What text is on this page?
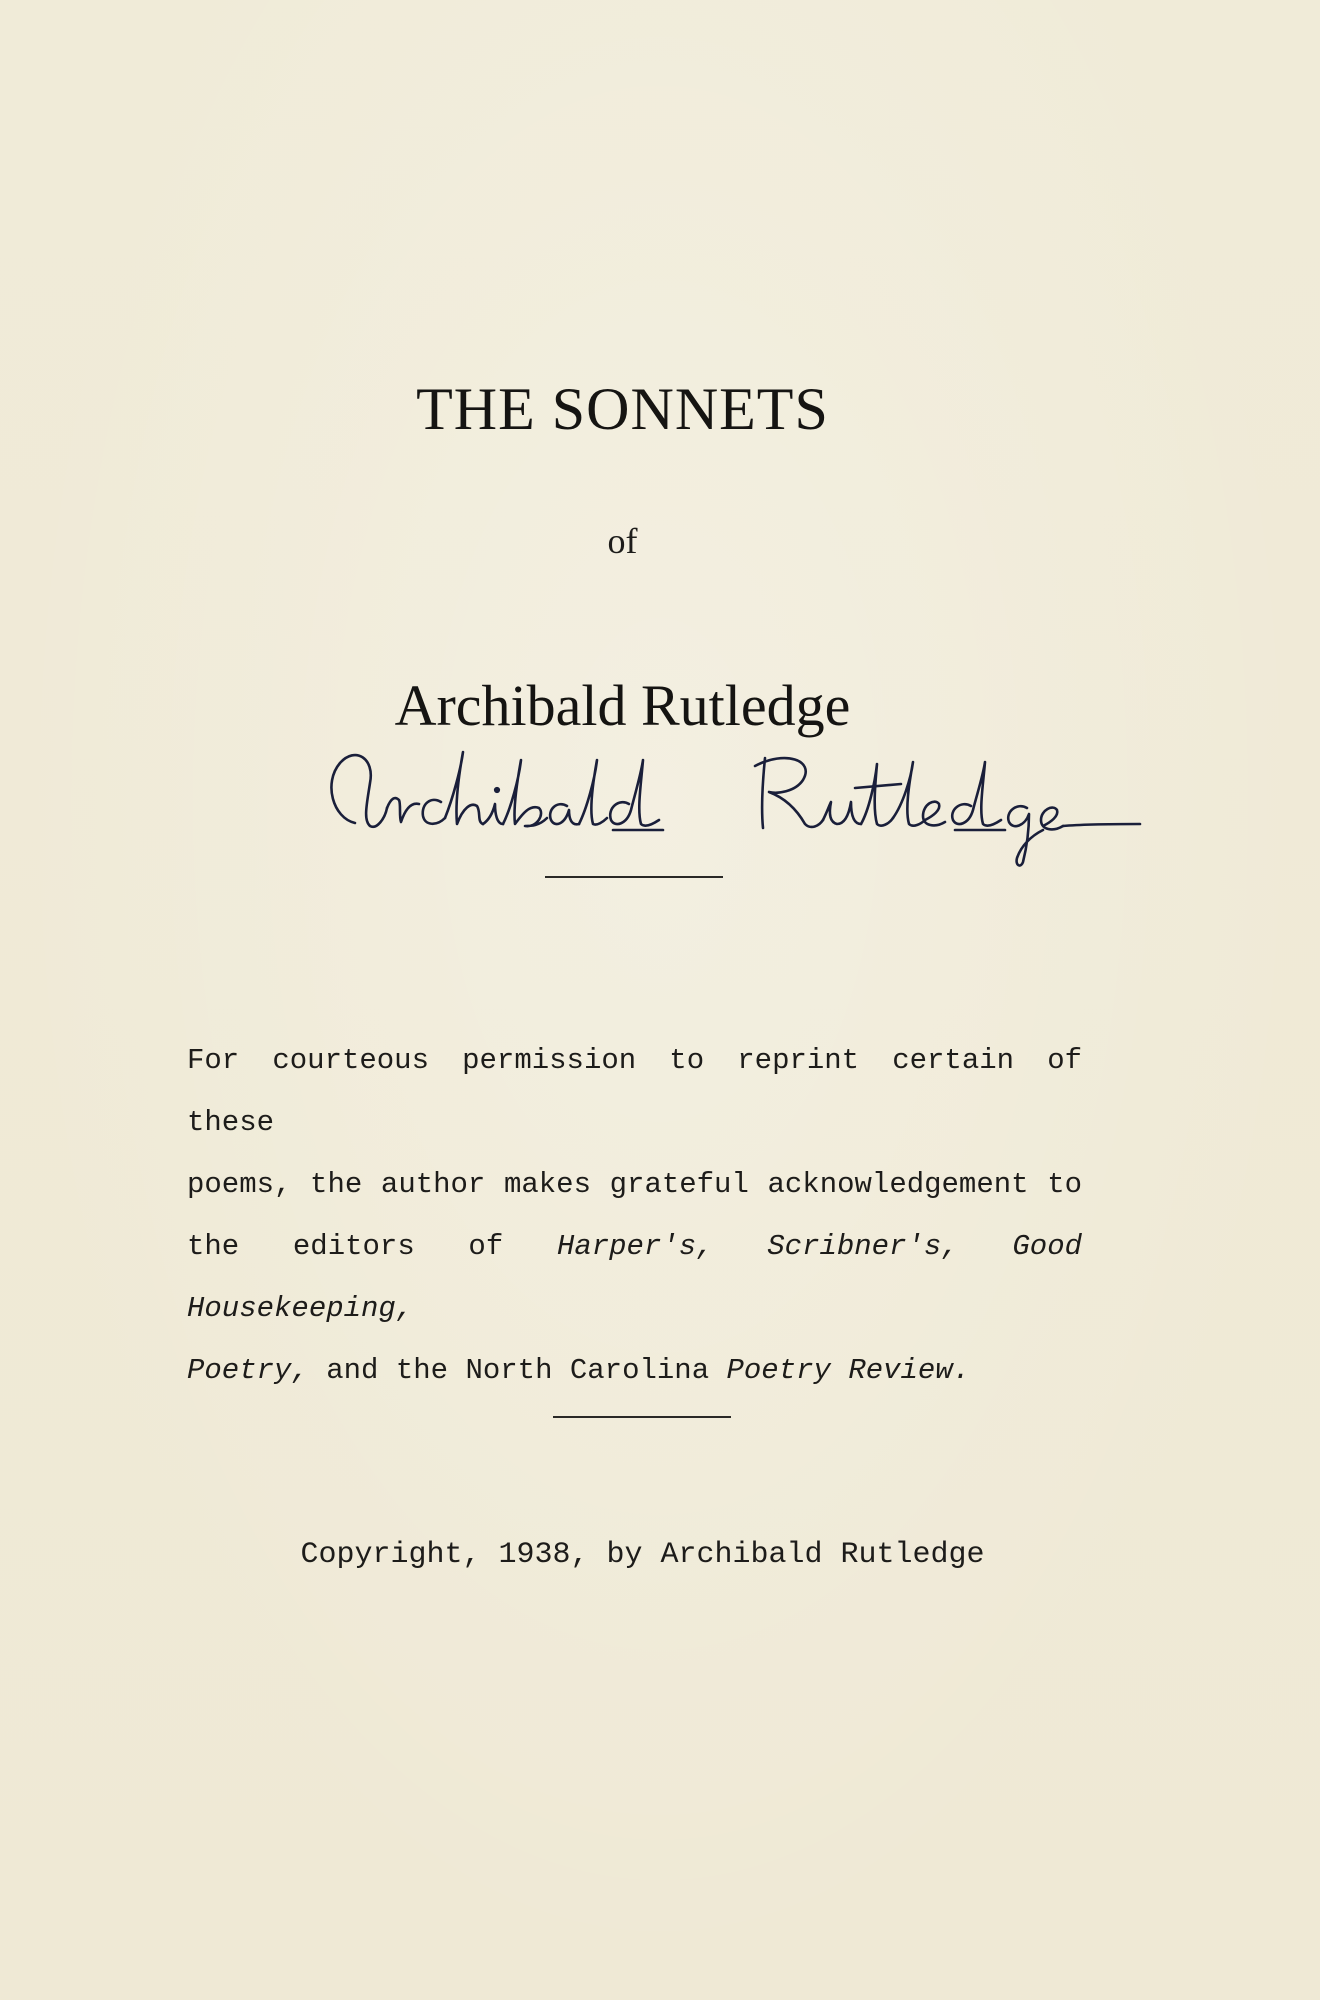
THE SONNETS
of
Archibald Rutledge
For courteous permission to reprint certain of these
poems, the author makes grateful acknowledgement to
the editors of Harper's, Scribner's, Good Housekeeping,
Poetry, and the North Carolina Poetry Review.
Copyright, 1938, by Archibald Rutledge
